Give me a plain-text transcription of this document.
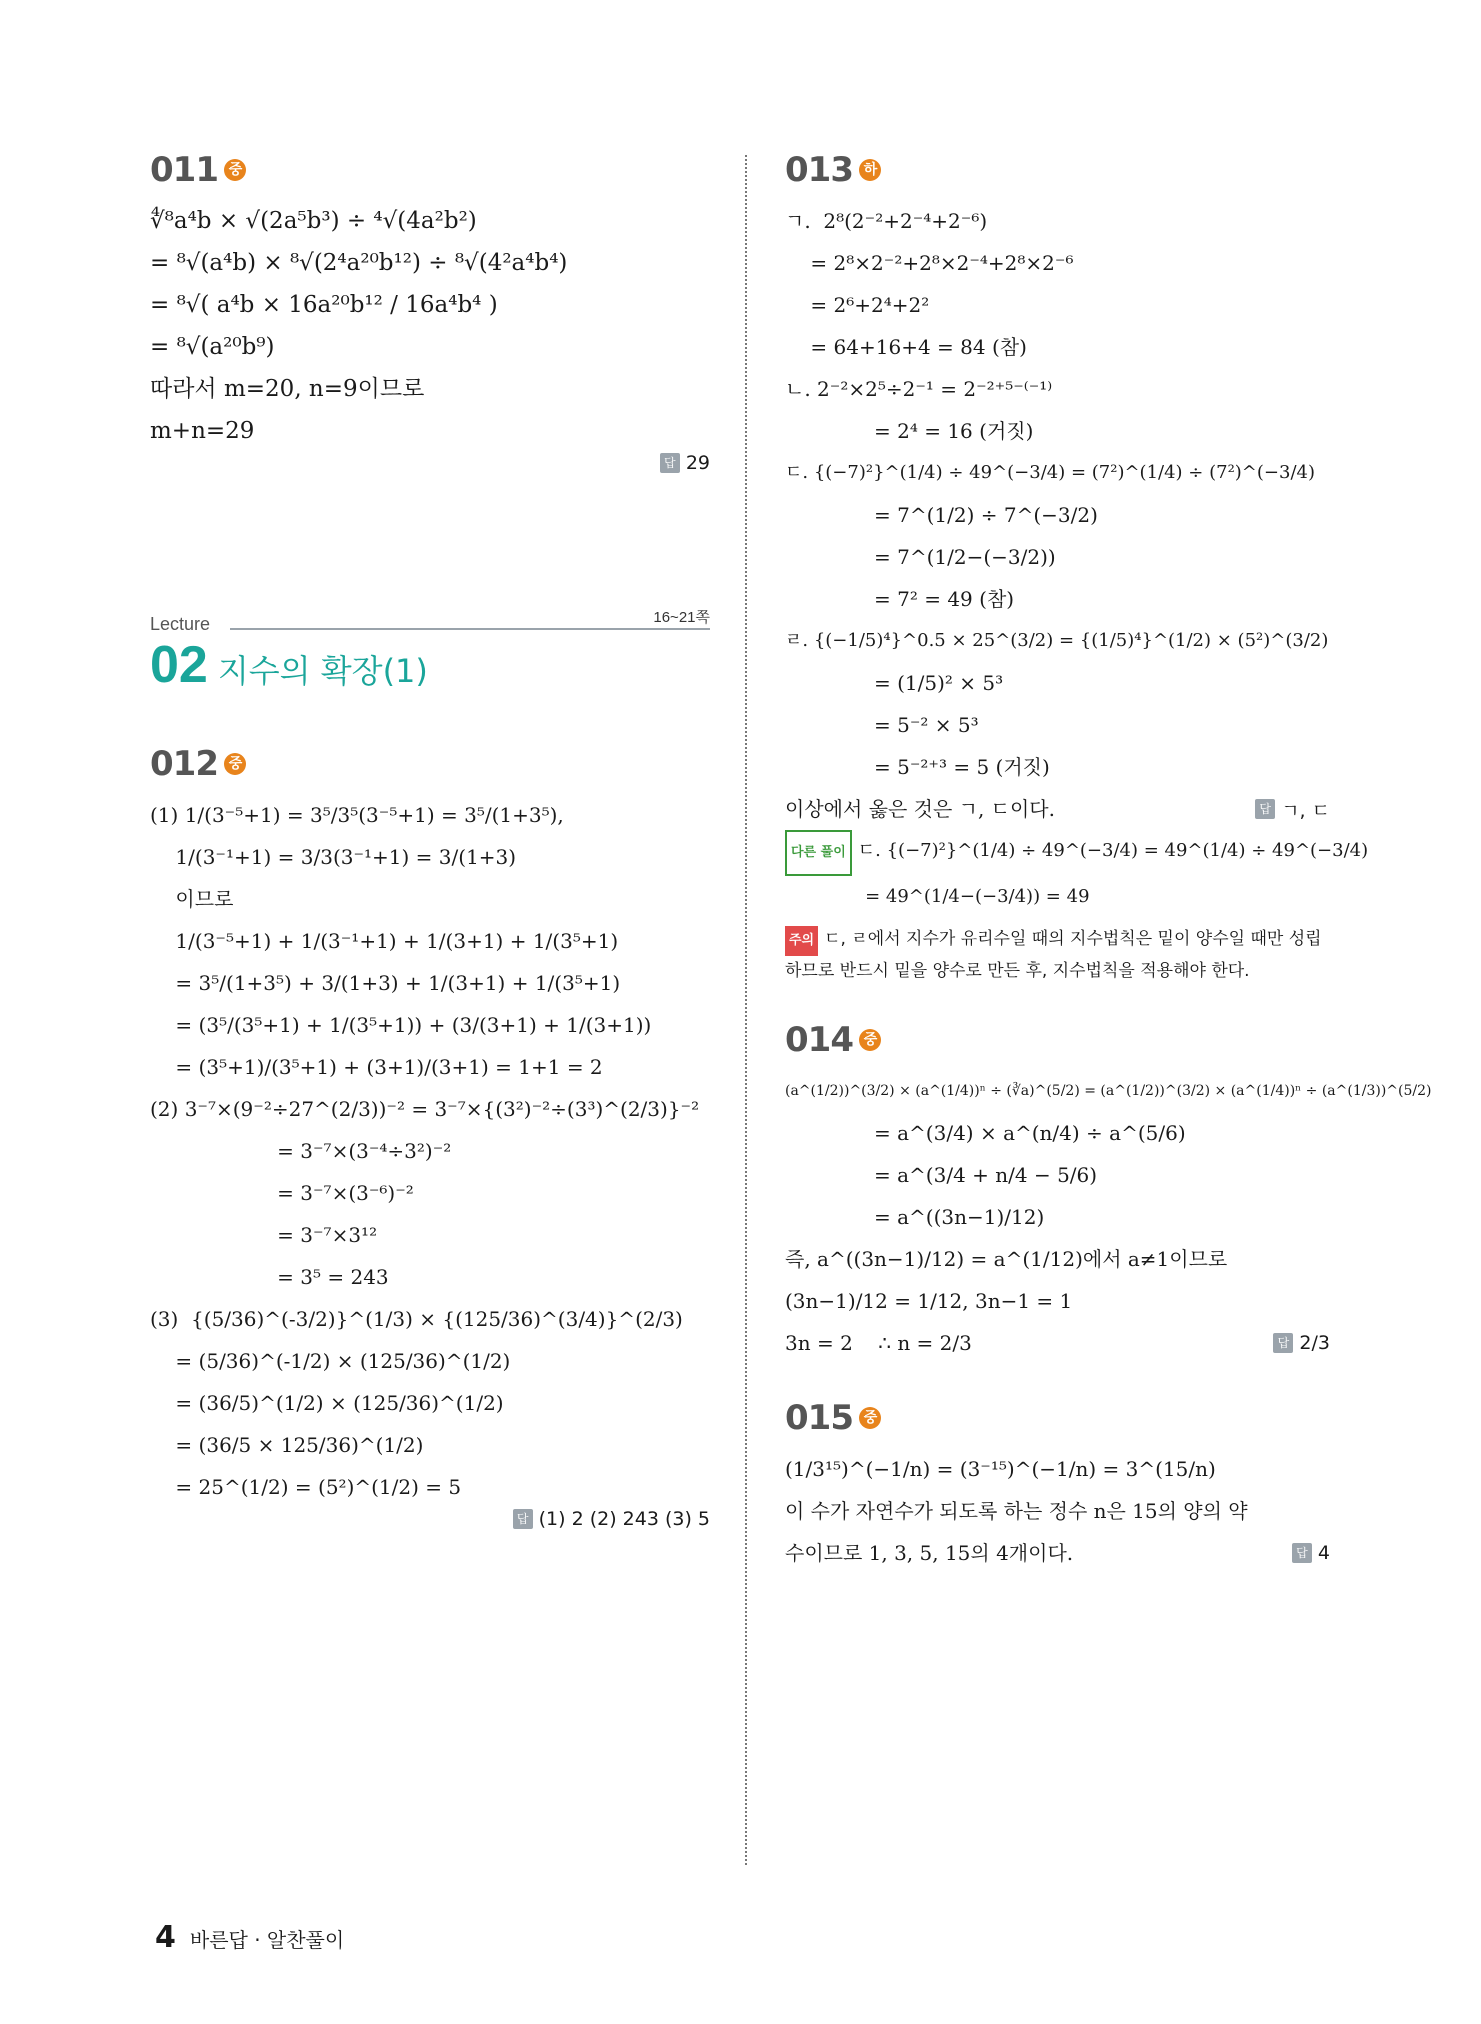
011 중
∜⁸a⁴b × √(2a⁵b³) ÷ ⁴√(4a²b²)
= ⁸√(a⁴b) × ⁸√(2⁴a²⁰b¹²) ÷ ⁸√(4²a⁴b⁴)
= ⁸√( a⁴b × 16a²⁰b¹² / 16a⁴b⁴ )
= ⁸√(a²⁰b⁹)
따라서 m=20, n=9이므로
m+n=29
답 29
Lecture	16~21쪽
02 지수의 확장(1)
012 중
(1) 1/(3⁻⁵+1) = 3⁵/3⁵(3⁻⁵+1) = 3⁵/(1+3⁵),
1/(3⁻¹+1) = 3/3(3⁻¹+1) = 3/(1+3)
이므로
1/(3⁻⁵+1) + 1/(3⁻¹+1) + 1/(3+1) + 1/(3⁵+1)
= 3⁵/(1+3⁵) + 3/(1+3) + 1/(3+1) + 1/(3⁵+1)
= (3⁵/(3⁵+1) + 1/(3⁵+1)) + (3/(3+1) + 1/(3+1))
= (3⁵+1)/(3⁵+1) + (3+1)/(3+1) = 1+1 = 2
(2) 3⁻⁷×(9⁻²÷27^(2/3))⁻² = 3⁻⁷×{(3²)⁻²÷(3³)^(2/3)}⁻²
= 3⁻⁷×(3⁻⁴÷3²)⁻²
= 3⁻⁷×(3⁻⁶)⁻²
= 3⁻⁷×3¹²
= 3⁵ = 243
(3)  {(5/36)^(-3/2)}^(1/3) × {(125/36)^(3/4)}^(2/3)
= (5/36)^(-1/2) × (125/36)^(1/2)
= (36/5)^(1/2) × (125/36)^(1/2)
= (36/5 × 125/36)^(1/2)
= 25^(1/2) = (5²)^(1/2) = 5
답 (1) 2 (2) 243 (3) 5
013 하
ㄱ.  2⁸(2⁻²+2⁻⁴+2⁻⁶)
= 2⁸×2⁻²+2⁸×2⁻⁴+2⁸×2⁻⁶
= 2⁶+2⁴+2²
= 64+16+4 = 84 (참)
ㄴ. 2⁻²×2⁵÷2⁻¹ = 2⁻²⁺⁵⁻⁽⁻¹⁾
= 2⁴ = 16 (거짓)
ㄷ. {(−7)²}^(1/4) ÷ 49^(−3/4) = (7²)^(1/4) ÷ (7²)^(−3/4)
= 7^(1/2) ÷ 7^(−3/2)
= 7^(1/2−(−3/2))
= 7² = 49 (참)
ㄹ. {(−1/5)⁴}^0.5 × 25^(3/2) = {(1/5)⁴}^(1/2) × (5²)^(3/2)
= (1/5)² × 5³
= 5⁻² × 5³
= 5⁻²⁺³ = 5 (거짓)
이상에서 옳은 것은 ㄱ, ㄷ이다.	답 ㄱ, ㄷ
다른 풀이 ㄷ. {(−7)²}^(1/4) ÷ 49^(−3/4) = 49^(1/4) ÷ 49^(−3/4)
= 49^(1/4−(−3/4)) = 49
주의 ㄷ, ㄹ에서 지수가 유리수일 때의 지수법칙은 밑이 양수일 때만 성립하므로 반드시 밑을 양수로 만든 후, 지수법칙을 적용해야 한다.
014 중
(a^(1/2))^(3/2) × (a^(1/4))ⁿ ÷ (∛a)^(5/2) = (a^(1/2))^(3/2) × (a^(1/4))ⁿ ÷ (a^(1/3))^(5/2)
= a^(3/4) × a^(n/4) ÷ a^(5/6)
= a^(3/4 + n/4 − 5/6)
= a^((3n−1)/12)
즉, a^((3n−1)/12) = a^(1/12)에서 a≠1이므로
(3n−1)/12 = 1/12, 3n−1 = 1
3n = 2    ∴ n = 2/3	답 2/3
015 중
(1/3¹⁵)^(−1/n) = (3⁻¹⁵)^(−1/n) = 3^(15/n)
이 수가 자연수가 되도록 하는 정수 n은 15의 양의 약
수이므로 1, 3, 5, 15의 4개이다.	답 4
4 바른답 · 알찬풀이
